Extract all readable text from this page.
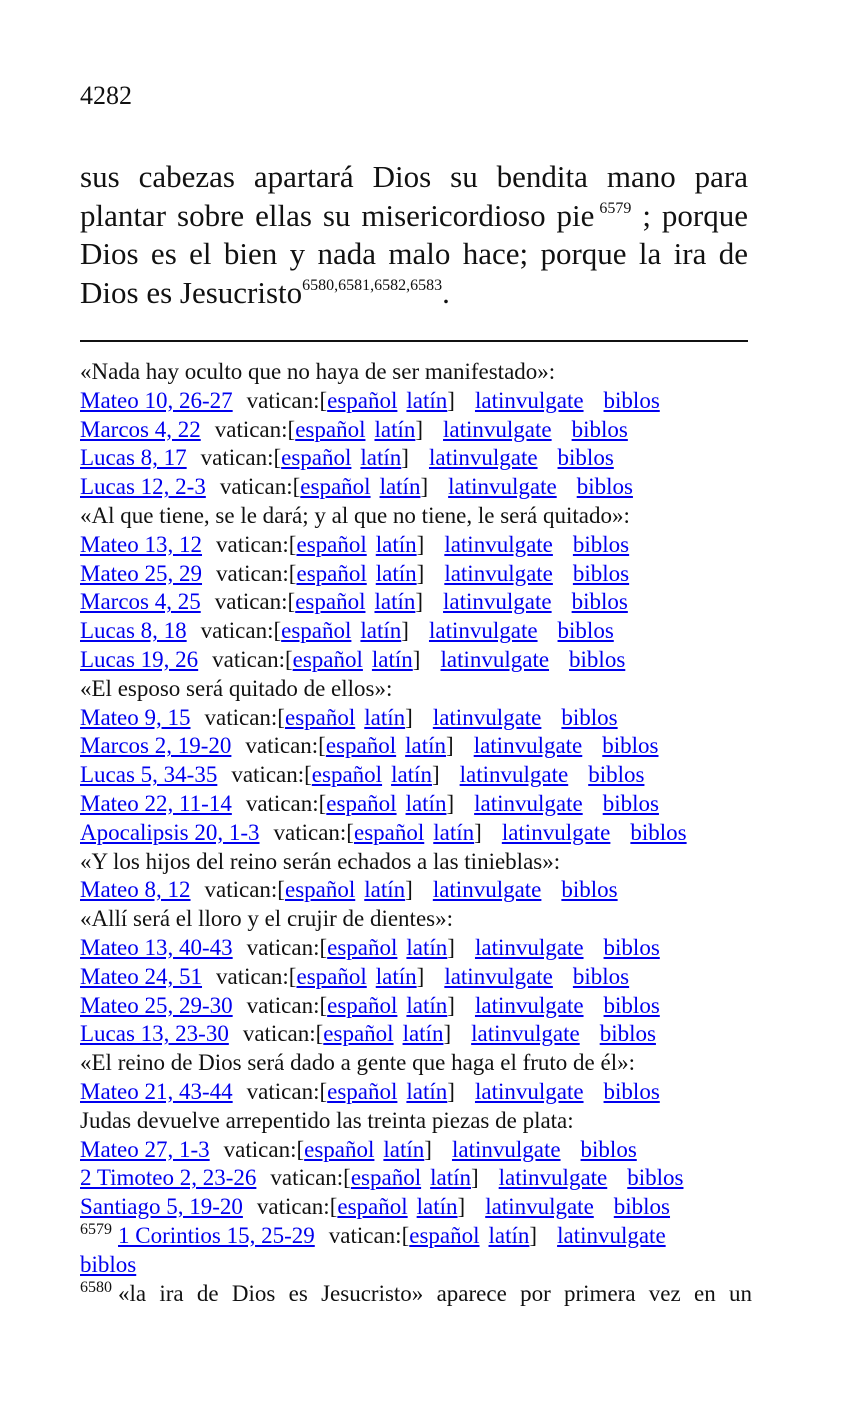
4282

sus cabezas apartará Dios su bendita mano para plantar sobre ellas su misericordioso pie $^{6579}$ ; porque Dios es el bien y nada malo hace; porque la ira de Dios es Jesucristo$^{6580,6581,6582,6583}$.

«Nada hay oculto que no haya de ser manifestado»:
Mateo 10, 26-27 vatican:[español latín] latinvulgate biblos
Marcos 4, 22 vatican:[español latín] latinvulgate biblos
Lucas 8, 17 vatican:[español latín] latinvulgate biblos
Lucas 12, 2-3 vatican:[español latín] latinvulgate biblos
«Al que tiene, se le dará; y al que no tiene, le será quitado»:
Mateo 13, 12 vatican:[español latín] latinvulgate biblos
Mateo 25, 29 vatican:[español latín] latinvulgate biblos
Marcos 4, 25 vatican:[español latín] latinvulgate biblos
Lucas 8, 18 vatican:[español latín] latinvulgate biblos
Lucas 19, 26 vatican:[español latín] latinvulgate biblos
«El esposo será quitado de ellos»:
Mateo 9, 15 vatican:[español latín] latinvulgate biblos
Marcos 2, 19-20 vatican:[español latín] latinvulgate biblos
Lucas 5, 34-35 vatican:[español latín] latinvulgate biblos
Mateo 22, 11-14 vatican:[español latín] latinvulgate biblos
Apocalipsis 20, 1-3 vatican:[español latín] latinvulgate biblos
«Y los hijos del reino serán echados a las tinieblas»:
Mateo 8, 12 vatican:[español latín] latinvulgate biblos
«Allí será el lloro y el crujir de dientes»:
Mateo 13, 40-43 vatican:[español latín] latinvulgate biblos
Mateo 24, 51 vatican:[español latín] latinvulgate biblos
Mateo 25, 29-30 vatican:[español latín] latinvulgate biblos
Lucas 13, 23-30 vatican:[español latín] latinvulgate biblos
«El reino de Dios será dado a gente que haga el fruto de él»:
Mateo 21, 43-44 vatican:[español latín] latinvulgate biblos
Judas devuelve arrepentido las treinta piezas de plata:
Mateo 27, 1-3 vatican:[español latín] latinvulgate biblos
2 Timoteo 2, 23-26 vatican:[español latín] latinvulgate biblos
Santiago 5, 19-20 vatican:[español latín] latinvulgate biblos
$^{6579}$ 1 Corintios 15, 25-29 vatican:[español latín] latinvulgate
biblos
$^{6580}$ «la ira de Dios es Jesucristo» aparece por primera vez en un
